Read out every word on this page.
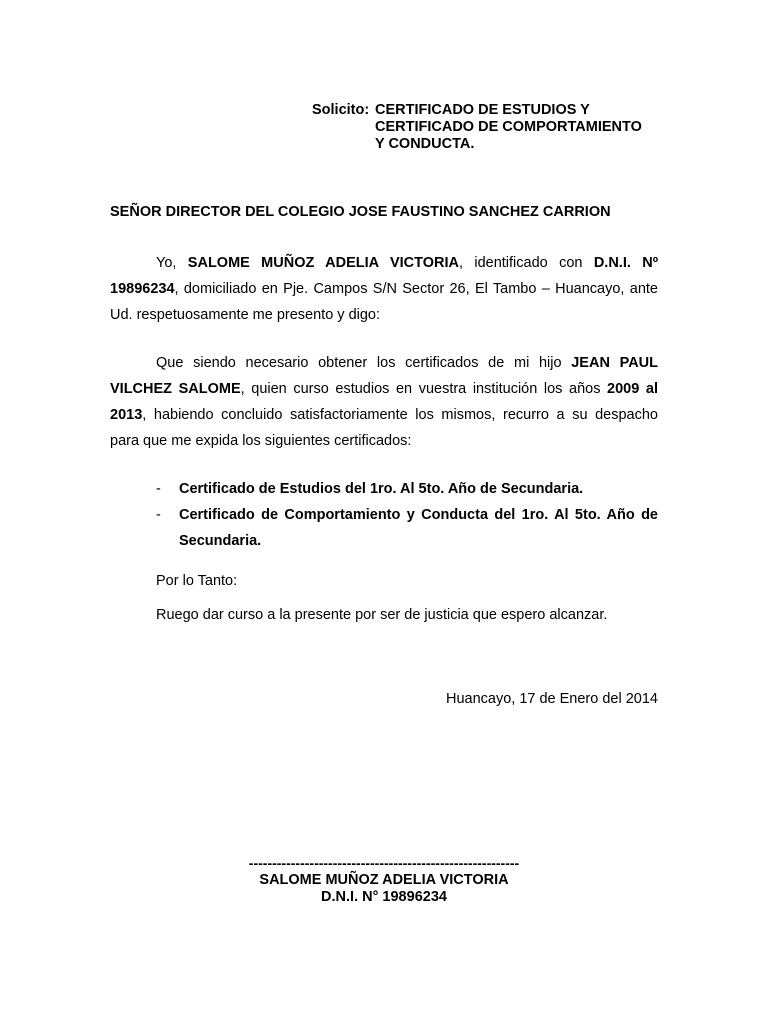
Solicito: CERTIFICADO DE ESTUDIOS Y
CERTIFICADO DE COMPORTAMIENTO
Y CONDUCTA.
SEÑOR DIRECTOR DEL COLEGIO JOSE FAUSTINO SANCHEZ CARRION
Yo, SALOME MUÑOZ ADELIA VICTORIA, identificado con D.N.I. Nº 19896234, domiciliado en Pje. Campos S/N Sector 26, El Tambo – Huancayo, ante Ud. respetuosamente me presento y digo:
Que siendo necesario obtener los certificados de mi hijo JEAN PAUL VILCHEZ SALOME, quien curso estudios en vuestra institución los años 2009 al 2013, habiendo concluido satisfactoriamente los mismos, recurro a su despacho para que me expida los siguientes certificados:
-	Certificado de Estudios del 1ro. Al 5to. Año de Secundaria.
-	Certificado de Comportamiento y Conducta del 1ro. Al 5to. Año de Secundaria.
Por lo Tanto:
Ruego dar curso a la presente por ser de justicia que espero alcanzar.
Huancayo, 17 de Enero del 2014
----------------------------------------------------------
SALOME MUÑOZ ADELIA VICTORIA
D.N.I. N° 19896234
